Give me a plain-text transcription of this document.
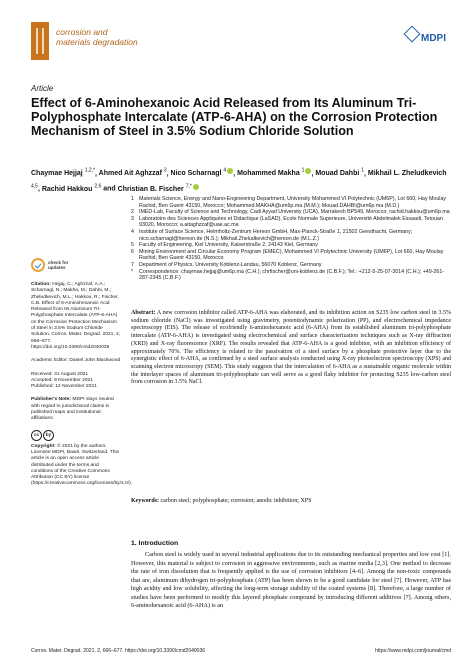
corrosion and
materials degradation	MDPI
Article
Effect of 6-Aminohexanoic Acid Released from Its Aluminum Tri-Polyphosphate Intercalate (ATP-6-AHA) on the Corrosion Protection Mechanism of Steel in 3.5% Sodium Chloride Solution
Chaymae Hejjaj $^{1,2,*}$, Ahmed Ait Aghzzaf $^3$, Nico Scharnagl $^4$ , Mohammed Makha $^1$ , Mouad Dahbi $^1$, Mikhail L. Zheludkevich $^{4,5}$, Rachid Hakkou $^{2,6}$ and Christian B. Fischer $^{7,*}$
1 Materials Science, Energy and Nano-Engineering Department, University Mohammed VI Polytechnic (UM6P), Lot 660, Hay Moulay Rachid, Ben Guerir 43150, Morocco; Mohammed.MAKHA@um6p.ma (M.M.); Mouad.DAHBI@um6p.ma (M.D.)
2 IMED-Lab, Faculty of Science and Technology, Cadi Ayyad University (UCA), Marrakesh BP549, Morocco; rachid.hakkou@um6p.ma
3 Laboratoire des Sciences Appliquées et Didactique (LaSAD), Ecole Normale Superieure, Université Abdelmalek Essaadi, Tetouan 93020, Morocco; a.aitaghzzaf@uae.ac.ma
4 Institute of Surface Science, Helmholtz-Zentrum Hereon GmbH, Max-Planck-Straße 1, 21502 Geesthacht, Germany; nico.scharnagl@hereon.de (N.S.); Mikhail.Zheludkevich@hereon.de (M.L.Z.)
5 Faculty of Engineering, Kiel University, Kaiserstraße 2, 24143 Kiel, Germany
6 Mining Environment and Circular Economy Program (EMEC), Mohammed VI Polytechnic University (UM6P), Lot 660, Hay Moulay Rachid, Ben Guerir 43150, Morocco
7 Department of Physics, University Koblenz-Landau, 56070 Koblenz, Germany
*	Correspondence: chaymae.hejjaj@um6p.ma (C.H.); chrfischer@uni-koblenz.de (C.B.F.); Tel.: +212-5-25-07-3014 (C.H.); +49-261-287-2345 (C.B.F.)
check for
updates
Citation: Hejjaj, C.; Aghzzaf, A.A.; Scharnagl, N.; Makha, M.; Dahbi, M.; Zheludkevich, M.L.; Hakkou, R.; Fischer, C.B. Effect of 6-Aminohexanoic Acid Released from Its Aluminum Tri-Polyphosphate Intercalate (ATP-6-AHA) on the Corrosion Protection Mechanism of Steel in 3.5% Sodium Chloride Solution. Corros. Mater. Degrad. 2021, 2, 666–677. https://doi.org/10.3390/cmd2040036
Academic Editor: Daniel John Blackwood
Received: 31 August 2021
Accepted: 9 November 2021
Published: 12 November 2021
Publisher's Note: MDPI stays neutral with regard to jurisdictional claims in published maps and institutional affiliations.
cc	by
Copyright: © 2021 by the authors. Licensee MDPI, Basel, Switzerland. This article is an open access article distributed under the terms and conditions of the Creative Commons Attribution (CC BY) license (https://creativecommons.org/licenses/by/4.0/).
Abstract: A new corrosion inhibitor called ATP-6-AHA was elaborated, and its inhibition action on S235 low carbon steel in 3.5% sodium chloride (NaCl) was investigated using gravimetry, potentiodynamic polarization (PP), and electrochemical impedance spectroscopy (EIS). The release of ecofriendly 6-aminohexanoic acid (6-AHA) from its established aluminum tri-polyphosphate intercalate (ATP-6-AHA) is investigated using electrochemical and surface characterization techniques such as X-ray diffraction (XRD) and X-ray fluorescence (XRF). The results revealed that ATP-6-AHA is a good inhibitor, with an inhibition efficiency of approximately 70%. The efficiency is related to the passivation of a steel surface by a phosphate protective layer due to the synergistic effect of 6-AHA, as confirmed by a steel surface analysis conducted using X-ray photoelectron spectroscopy (XPS) and scanning electron microscopy (SEM). This study suggests that the intercalation of 6-AHA as a sustainable organic molecule within the interlayer spaces of aluminum tri-polyphosphate can well serve as a good flaky inhibitor for protecting S235 low-carbon steel from corrosion in 3.5% NaCl.
Keywords: carbon steel; polyphosphate; corrosion; anodic inhibition; XPS
1. Introduction
Carbon steel is widely used in several industrial applications due to its outstanding mechanical properties and low cost [1]. However, this material is subject to corrosion in aggressive environments, such as marine media [2,3]. One method to decrease the rate of iron dissolution that is frequently applied is the use of corrosion inhibitors [4–6]. Among the non-toxic compounds that are, aluminum dihydrogen tri-polyphosphate (ATP) has been shown to be a good candidate for steel [7]. However, ATP has high acidity and low solubility, affecting the long-term storage stability of the coated systems [8]. Therefore, a large number of studies have been performed to modify this layered phosphate compound by introducing different additives [7]. Among others, 6-aminohexanoic acid (6-AHA) is an
Corros. Mater. Degrad. 2021, 2, 666–677. https://doi.org/10.3390/cmd2040036	https://www.mdpi.com/journal/cmd
